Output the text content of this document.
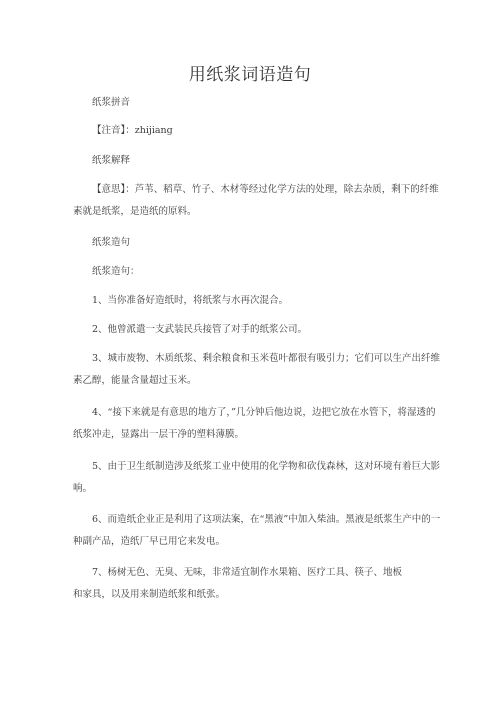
用纸浆词语造句
纸浆拼音
【注音】：zhijiang
纸浆解释
【意思】：芦苇、稻草、竹子、木材等经过化学方法的处理，除去杂质，剩下的纤维素就是纸浆，是造纸的原料。
纸浆造句
纸浆造句：
1、当你准备好造纸时，将纸浆与水再次混合。
2、他曾派遣一支武装民兵接管了对手的纸浆公司。
3、城市废物、木质纸浆、剩余粮食和玉米苞叶都很有吸引力；它们可以生产出纤维素乙醇，能量含量超过玉米。
4、“接下来就是有意思的地方了，”几分钟后他边说，边把它放在水管下，将湿透的纸浆冲走，显露出一层干净的塑料薄膜。
5、由于卫生纸制造涉及纸浆工业中使用的化学物和砍伐森林，这对环境有着巨大影响。
6、而造纸企业正是利用了这项法案，在“黑液”中加入柴油。黑液是纸浆生产中的一种副产品，造纸厂早已用它来发电。
7、杨树无色、无臭、无味，非常适宜制作水果箱、医疗工具、筷子、地板
和家具，以及用来制造纸浆和纸张。
